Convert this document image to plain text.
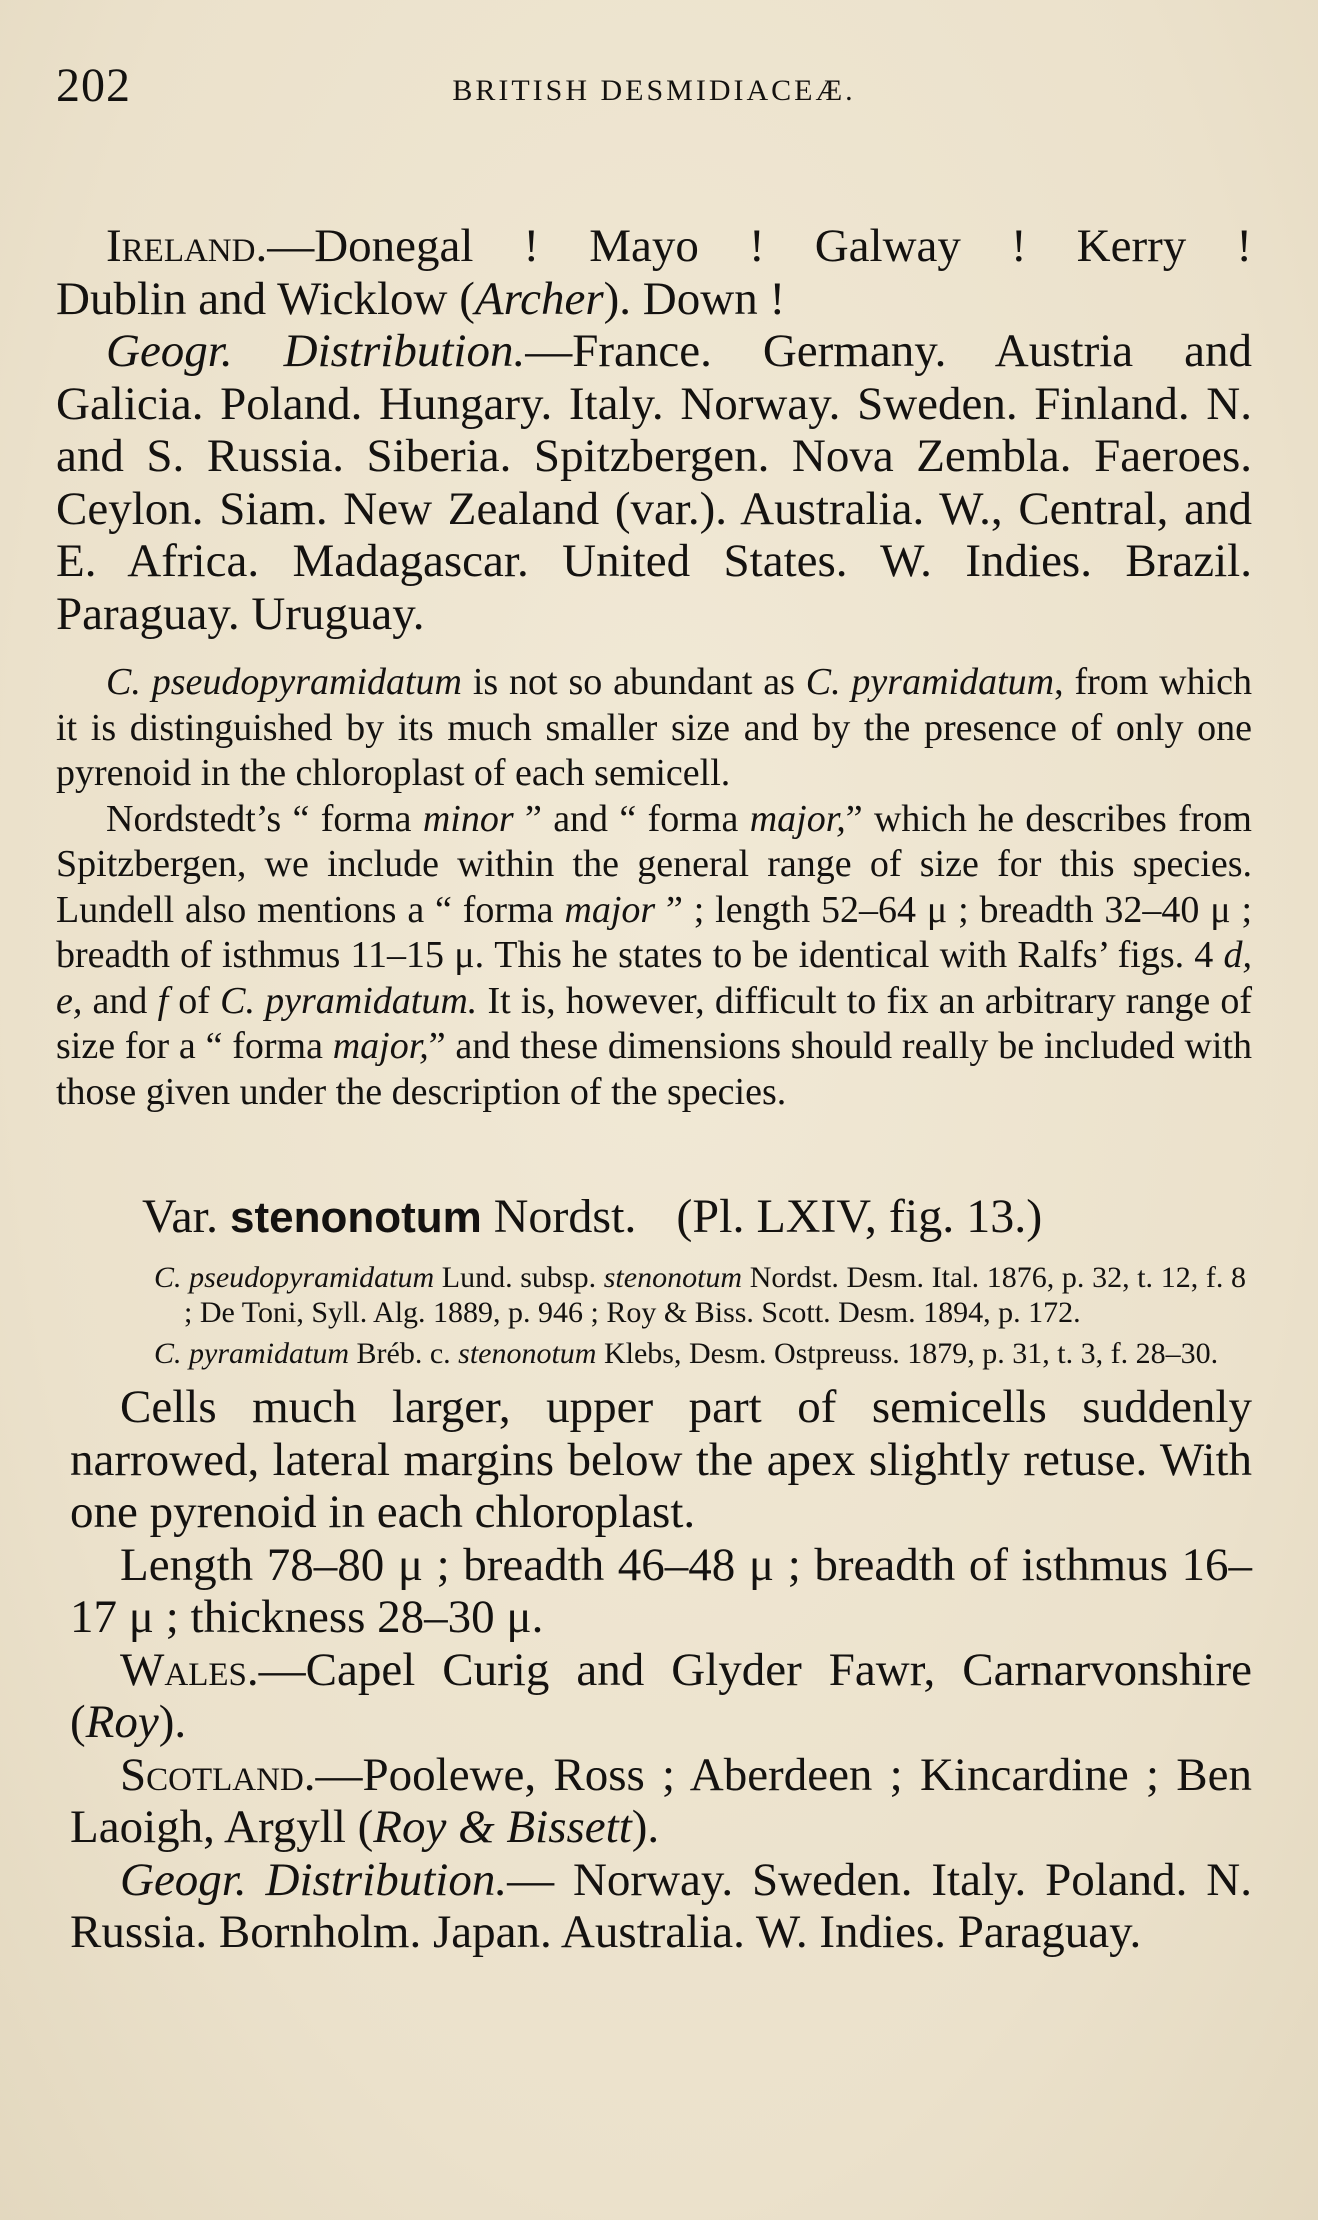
202	BRITISH DESMIDIACEÆ.

Ireland.—Donegal ! Mayo ! Galway ! Kerry !

Dublin and Wicklow (Archer). Down !

Geogr. Distribution.—France. Germany. Austria and Galicia. Poland. Hungary. Italy. Norway. Sweden. Finland. N. and S. Russia. Siberia. Spitzbergen. Nova Zembla. Faeroes. Ceylon. Siam. New Zealand (var.). Australia. W., Central, and E. Africa. Madagascar. United States. W. Indies. Brazil. Paraguay. Uruguay.

C. pseudopyramidatum is not so abundant as C. pyramidatum, from which it is distinguished by its much smaller size and by the presence of only one pyrenoid in the chloroplast of each semicell.

Nordstedt’s “ forma minor ” and “ forma major,” which he describes from Spitzbergen, we include within the general range of size for this species. Lundell also mentions a “ forma major ” ; length 52–64 μ ; breadth 32–40 μ ; breadth of isthmus 11–15 μ. This he states to be identical with Ralfs’ figs. 4 d, e, and f of C. pyramidatum. It is, however, difficult to fix an arbitrary range of size for a “ forma major,” and these dimensions should really be included with those given under the description of the species.

Var. stenonotum Nordst. (Pl. LXIV, fig. 13.)

C. pseudopyramidatum Lund. subsp. stenonotum Nordst. Desm. Ital. 1876, p. 32, t. 12, f. 8 ; De Toni, Syll. Alg. 1889, p. 946 ; Roy & Biss. Scott. Desm. 1894, p. 172.

C. pyramidatum Bréb. c. stenonotum Klebs, Desm. Ostpreuss. 1879, p. 31, t. 3, f. 28–30.

Cells much larger, upper part of semicells suddenly narrowed, lateral margins below the apex slightly retuse. With one pyrenoid in each chloroplast.

Length 78–80 μ ; breadth 46–48 μ ; breadth of isthmus 16–17 μ ; thickness 28–30 μ.

Wales.—Capel Curig and Glyder Fawr, Carnarvonshire (Roy).

Scotland.—Poolewe, Ross ; Aberdeen ; Kincardine ; Ben Laoigh, Argyll (Roy & Bissett).

Geogr. Distribution.— Norway. Sweden. Italy. Poland. N. Russia. Bornholm. Japan. Australia. W. Indies. Paraguay.
